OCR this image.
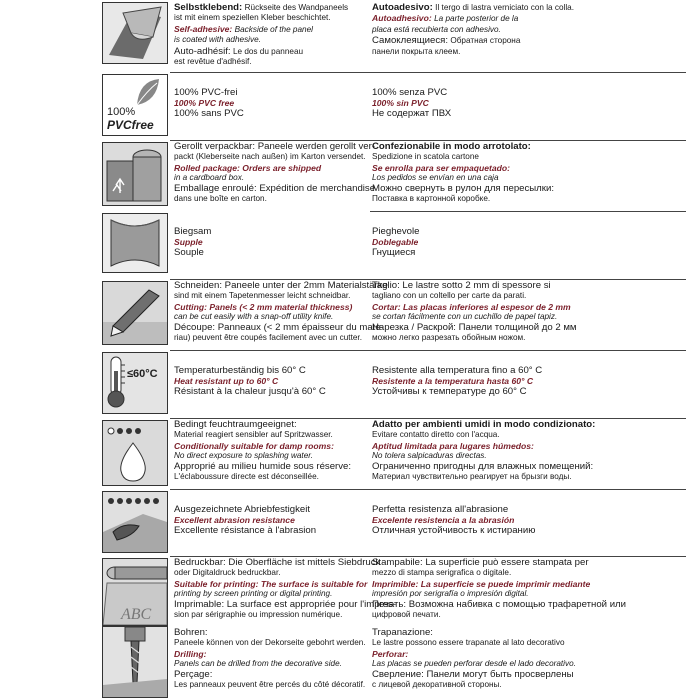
Selbstklebend: Rückseite des Wandpaneels
ist mit einem speziellen Kleber beschichtet.
Self-adhesive: Backside of the panel
is coated with adhesive.
Auto-adhésif: Le dos du panneau
est revêtue d'adhésif.
Autoadesivo: Il tergo di lastra verniciato con la colla.
Autoadhesivo: La parte posterior de la
placa está recubierta con adhesivo.
Самоклеящиеся: Обратная сторона
панели покрыта клеем.
100%
PVCfree
100% PVC-frei
100% PVC free
100% sans PVC
100% senza PVC
100% sin PVC
Не содержат ПВХ
Gerollt verpackbar: Paneele werden gerollt ver-
packt (Kleberseite nach außen) im Karton versendet.
Rolled package: Orders are shipped
in a cardboard box.
Emballage enroulé: Expédition de merchandise
dans une boîte en carton.
Confezionabile in modo arrotolato:
Spedizione in scatola cartone
Se enrolla para ser empaquetado:
Los pedidos se envían en una caja
Можно свернуть в рулон для пересылки:
Поставка в картонной коробке.
Biegsam
Supple
Souple
Pieghevole
Doblegable
Гнущиеся
Schneiden: Paneele unter der 2mm Materialstärke
sind mit einem Tapetenmesser leicht schneidbar.
Cutting: Panels (< 2 mm material thickness)
can be cut easily with a snap-off utility knife.
Découpe: Panneaux (< 2 mm épaisseur du mate-
riau) peuvent être coupés facilement avec un cutter.
Taglio: Le lastre sotto 2 mm di spessore si
tagliano con un coltello per carte da parati.
Cortar: Las placas inferiores al espesor de 2 mm
se cortan fácilmente con un cuchillo de papel tapiz.
Нарезка / Раскрой: Панели толщиной до 2 мм
можно легко разрезать обойным ножом.
≤60°C Temperaturbeständig bis 60° C
Heat resistant up to 60° C
Résistant à la chaleur jusqu'à 60° C
Resistente alla temperatura fino a 60° C
Resistente a la temperatura hasta 60° C
Устойчивы к температуре до 60° C
Bedingt feuchtraumgeeignet:
Material reagiert sensibler auf Spritzwasser.
Conditionally suitable for damp rooms:
No direct exposure to splashing water.
Approprié au milieu humide sous réserve:
L'éclaboussure directe est déconseillée.
Adatto per ambienti umidi in modo condizionato:
Evitare contatto diretto con l'acqua.
Aptitud limitada para lugares húmedos:
No tolera salpicaduras directas.
Ограниченно пригодны для влажных помещений:
Материал чувствительно реагирует на брызги воды.
Ausgezeichnete Abriebfestigkeit
Excellent abrasion resistance
Excellente résistance à l'abrasion
Perfetta resistenza all'abrasione
Excelente resistencia a la abrasión
Отличная устойчивость к истиранию
ABC
Bedruckbar: Die Oberfläche ist mittels Siebdruck
oder Digitaldruck bedruckbar.
Suitable for printing: The surface is suitable for
printing by screen printing or digital printing.
Imprimable: La surface est appropriée pour l'impres-
sion par sérigraphie ou impression numérique.
Stampabile: La superficie può essere stampata per
mezzo di stampa serigrafica o digitale.
Imprimible: La superficie se puede imprimir mediante
impresión por serigrafía o impresión digital.
Печать: Возможна набивка с помощью трафаретной или
цифровой печати.
Bohren:
Paneele können von der Dekorseite gebohrt werden.
Drilling:
Panels can be drilled from the decorative side.
Perçage:
Les panneaux peuvent être percés du côté décoratif.
Trapanazione:
Le lastre possono essere trapanate al lato decorativo
Perforar:
Las placas se pueden perforar desde el lado decorativo.
Сверление: Панели могут быть просверлены
с лицевой декоративной стороны.
